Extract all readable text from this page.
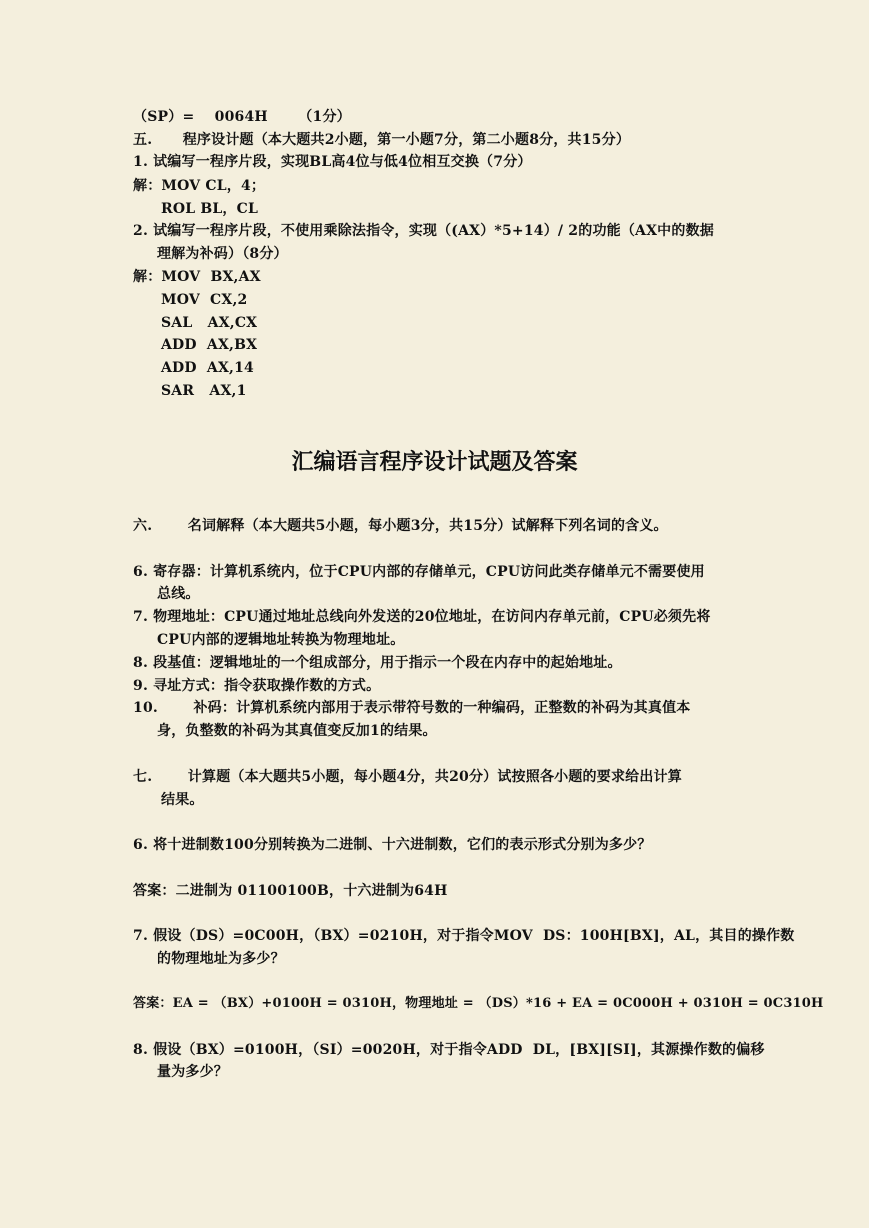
（SP）=    0064H      （1分）
五.      程序设计题（本大题共2小题，第一小题7分，第二小题8分，共15分）
1. 试编写一程序片段，实现BL高4位与低4位相互交换（7分）
解：MOV CL，4；
ROL BL，CL
2. 试编写一程序片段，不使用乘除法指令，实现（(AX）*5+14）/ 2的功能（AX中的数据
理解为补码）（8分）
解：MOV  BX,AX
MOV  CX,2
SAL   AX,CX
ADD  AX,BX
ADD  AX,14
SAR   AX,1
汇编语言程序设计试题及答案
六.       名词解释（本大题共5小题，每小题3分，共15分）试解释下列名词的含义。
6. 寄存器：计算机系统内，位于CPU内部的存储单元，CPU访问此类存储单元不需要使用
总线。
7. 物理地址：CPU通过地址总线向外发送的20位地址，在访问内存单元前，CPU必须先将
CPU内部的逻辑地址转换为物理地址。
8. 段基值：逻辑地址的一个组成部分，用于指示一个段在内存中的起始地址。
9. 寻址方式：指令获取操作数的方式。
10.       补码：计算机系统内部用于表示带符号数的一种编码，正整数的补码为其真值本
身，负整数的补码为其真值变反加1的结果。
七.       计算题（本大题共5小题，每小题4分，共20分）试按照各小题的要求给出计算
结果。
6. 将十进制数100分别转换为二进制、十六进制数，它们的表示形式分别为多少？
答案：二进制为 01100100B，十六进制为64H
7. 假设（DS）=0C00H，（BX）=0210H，对于指令MOV  DS：100H[BX]，AL，其目的操作数
的物理地址为多少？
答案：EA = （BX）+0100H = 0310H，物理地址 = （DS）*16 + EA = 0C000H + 0310H = 0C310H
8. 假设（BX）=0100H，（SI）=0020H，对于指令ADD  DL，[BX][SI]，其源操作数的偏移
量为多少？
